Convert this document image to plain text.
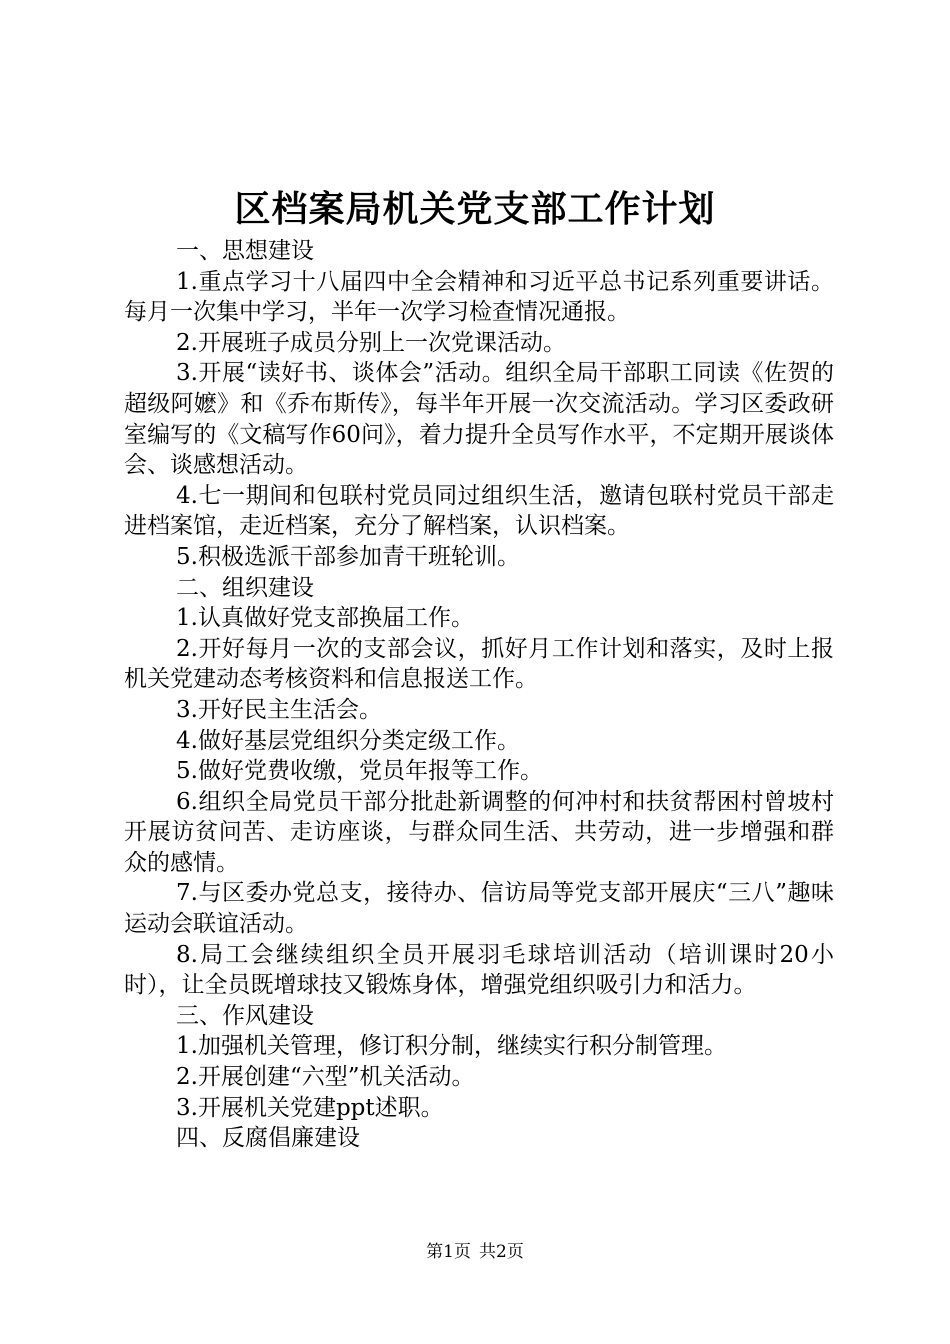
区档案局机关党支部工作计划

一、思想建设

1.重点学习十八届四中全会精神和习近平总书记系列重要讲话。每月一次集中学习，半年一次学习检查情况通报。

2.开展班子成员分别上一次党课活动。

3.开展“读好书、谈体会”活动。组织全局干部职工同读《佐贺的超级阿嬷》和《乔布斯传》，每半年开展一次交流活动。学习区委政研室编写的《文稿写作60问》，着力提升全员写作水平，不定期开展谈体会、谈感想活动。

4.七一期间和包联村党员同过组织生活，邀请包联村党员干部走进档案馆，走近档案，充分了解档案，认识档案。

5.积极选派干部参加青干班轮训。

二、组织建设

1.认真做好党支部换届工作。

2.开好每月一次的支部会议，抓好月工作计划和落实，及时上报机关党建动态考核资料和信息报送工作。

3.开好民主生活会。

4.做好基层党组织分类定级工作。

5.做好党费收缴，党员年报等工作。

6.组织全局党员干部分批赴新调整的何冲村和扶贫帮困村曾坡村开展访贫问苦、走访座谈，与群众同生活、共劳动，进一步增强和群众的感情。

7.与区委办党总支，接待办、信访局等党支部开展庆“三八”趣味运动会联谊活动。

8.局工会继续组织全员开展羽毛球培训活动（培训课时20小时），让全员既增球技又锻炼身体，增强党组织吸引力和活力。

三、作风建设

1.加强机关管理，修订积分制，继续实行积分制管理。

2.开展创建“六型”机关活动。

3.开展机关党建ppt述职。

四、反腐倡廉建设

第1页 共2页
